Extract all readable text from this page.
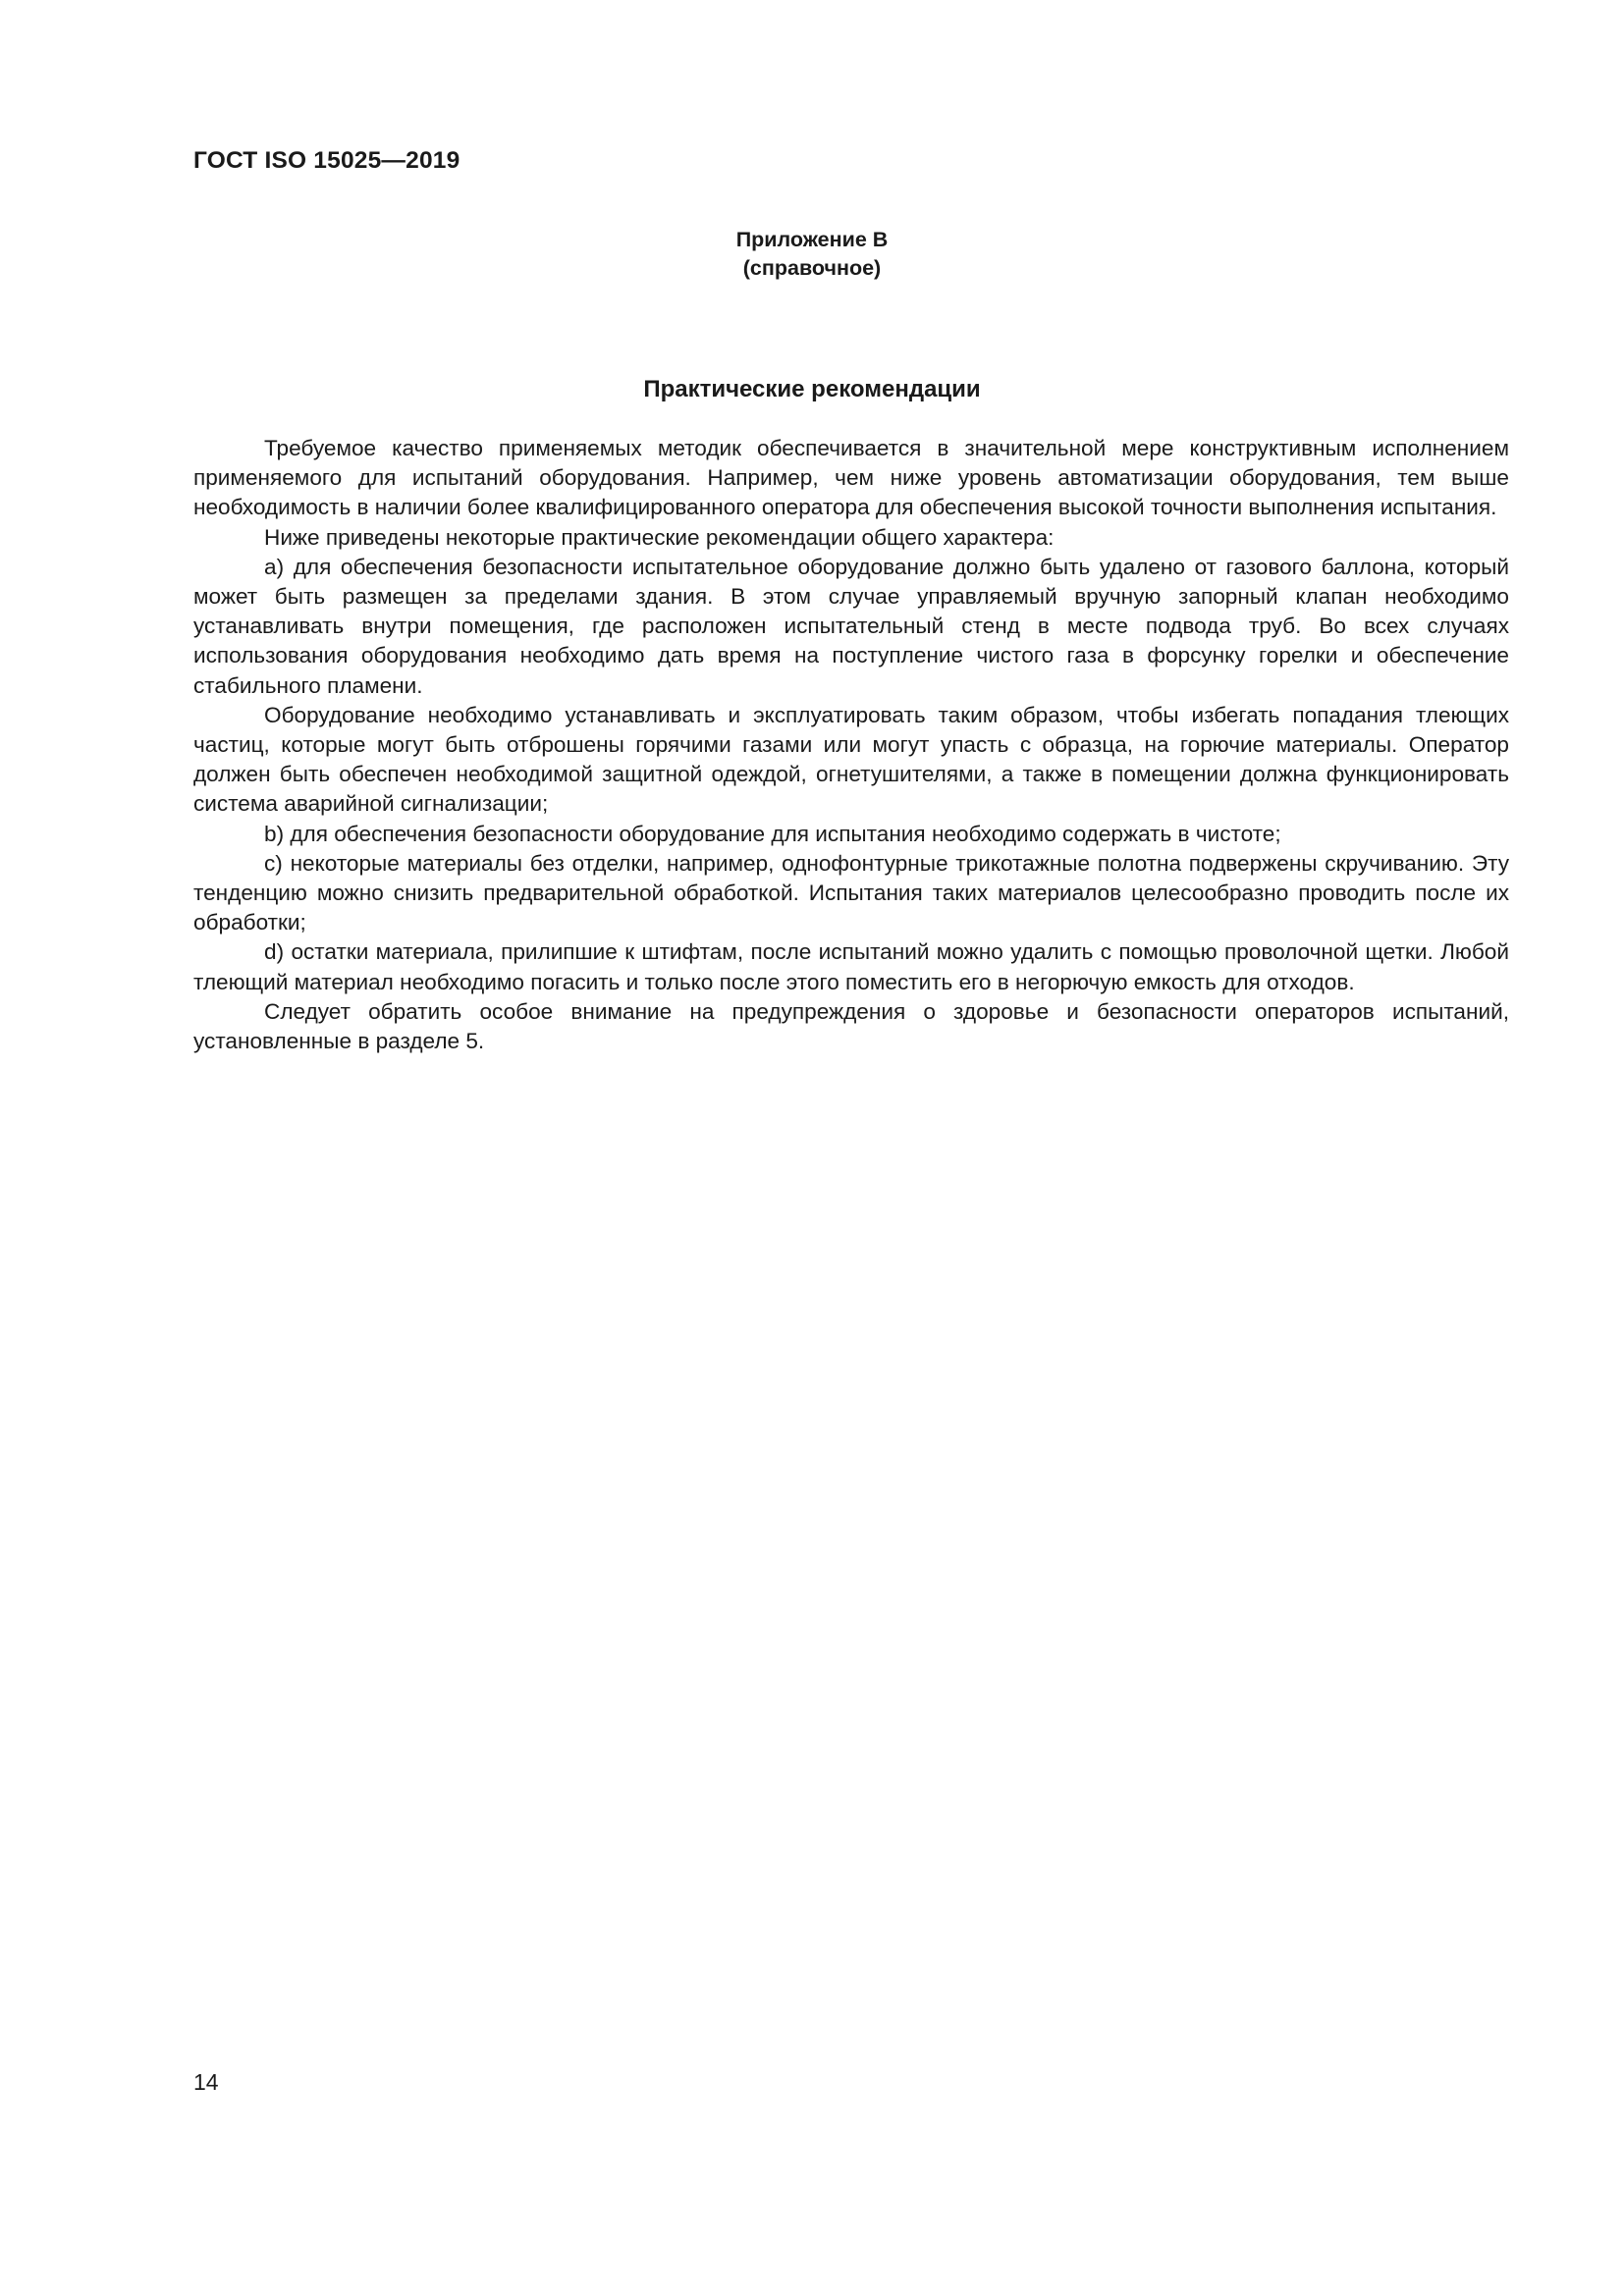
ГОСТ ISO 15025—2019
Приложение В
(справочное)
Практические рекомендации

Требуемое качество применяемых методик обеспечивается в значительной мере конструктивным исполнением применяемого для испытаний оборудования. Например, чем ниже уровень автоматизации оборудования, тем выше необходимость в наличии более квалифицированного оператора для обеспечения высокой точности выполнения испытания.

Ниже приведены некоторые практические рекомендации общего характера:

а) для обеспечения безопасности испытательное оборудование должно быть удалено от газового баллона, который может быть размещен за пределами здания. В этом случае управляемый вручную запорный клапан необходимо устанавливать внутри помещения, где расположен испытательный стенд в месте подвода труб. Во всех случаях использования оборудования необходимо дать время на поступление чистого газа в форсунку горелки и обеспечение стабильного пламени.

Оборудование необходимо устанавливать и эксплуатировать таким образом, чтобы избегать попадания тлеющих частиц, которые могут быть отброшены горячими газами или могут упасть с образца, на горючие материалы. Оператор должен быть обеспечен необходимой защитной одеждой, огнетушителями, а также в помещении должна функционировать система аварийной сигнализации;

b) для обеспечения безопасности оборудование для испытания необходимо содержать в чистоте;

c) некоторые материалы без отделки, например, однофонтурные трикотажные полотна подвержены скручиванию. Эту тенденцию можно снизить предварительной обработкой. Испытания таких материалов целесообразно проводить после их обработки;

d) остатки материала, прилипшие к штифтам, после испытаний можно удалить с помощью проволочной щетки. Любой тлеющий материал необходимо погасить и только после этого поместить его в негорючую емкость для отходов.

Следует обратить особое внимание на предупреждения о здоровье и безопасности операторов испытаний, установленные в разделе 5.

14
